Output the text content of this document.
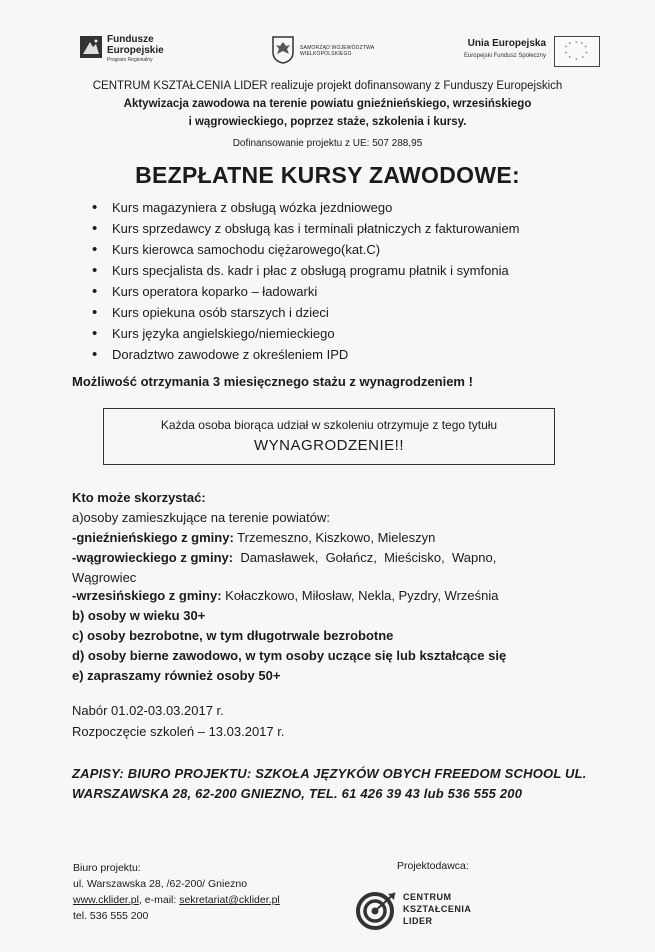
Fundusze
Europejskie
Program Regionalny
SAMORZĄD WOJEWÓDZTWA
WIELKOPOLSKIEGO
Unia Europejska
Europejski Fundusz Społeczny
* *
*
*
*
*
*
*
*
*
CENTRUM KSZTAŁCENIA LIDER realizuje projekt dofinansowany z Funduszy Europejskich
Aktywizacja zawodowa na terenie powiatu gnieźnieńskiego, wrzesińskiego
i wągrowieckiego, poprzez staże, szkolenia i kursy.
Dofinansowanie projektu z UE: 507 288,95
BEZPŁATNE KURSY ZAWODOWE:
• Kurs magazyniera z obsługą wózka jezdniowego
• Kurs sprzedawcy z obsługą kas i terminali płatniczych z fakturowaniem
• Kurs kierowca samochodu ciężarowego(kat.C)
• Kurs specjalista ds. kadr i płac z obsługą programu płatnik i symfonia
• Kurs operatora koparko – ładowarki
• Kurs opiekuna osób starszych i dzieci
• Kurs języka angielskiego/niemieckiego
• Doradztwo zawodowe z określeniem IPD
Możliwość otrzymania 3 miesięcznego stażu z wynagrodzeniem !
Każda osoba biorąca udział w szkoleniu otrzymuje z tego tytułu
WYNAGRODZENIE!!
Kto może skorzystać:
a)osoby zamieszkujące na terenie powiatów:
-gnieźnieńskiego z gminy: Trzemeszno, Kiszkowo, Mieleszyn
-wągrowieckiego z gminy:  Damasławek,  Gołańcz,  Mieścisko,  Wapno,
Wągrowiec
-wrzesińskiego z gminy: Kołaczkowo, Miłosław, Nekla, Pyzdry, Września
b) osoby w wieku 30+
c) osoby bezrobotne, w tym długotrwale bezrobotne
d) osoby bierne zawodowo, w tym osoby uczące się lub kształcące się
e) zapraszamy również osoby 50+
Nabór 01.02-03.03.2017 r.
Rozpoczęcie szkoleń – 13.03.2017 r.
ZAPISY: BIURO PROJEKTU: SZKOŁA JĘZYKÓW OBYCH FREEDOM SCHOOL UL.
WARSZAWSKA 28, 62-200 GNIEZNO, TEL. 61 426 39 43 lub 536 555 200
Biuro projektu:
ul. Warszawska 28, /62-200/ Gniezno
www.cklider.pl, e-mail: sekretariat@cklider.pl
tel. 536 555 200
Projektodawca:
CENTRUM
KSZTAŁCENIA
LIDER
